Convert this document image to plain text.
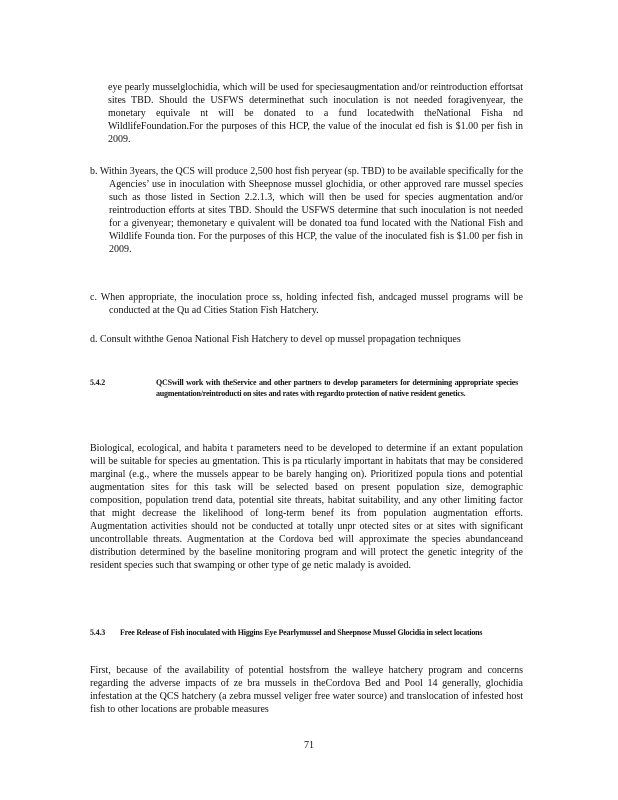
eye pearly musselglochidia, which will be used for speciesaugmentation and/or reintroduction effortsat sites TBD. Should the USFWS determinethat such inoculation is not needed foragivenyear, the monetary equivale nt will be donated to a fund locatedwith theNational Fisha nd WildlifeFoundation.For the purposes of this HCP, the value of the inoculat ed fish is $1.00 per fish in 2009.

b. Within 3years, the QCS will produce 2,500 host fish peryear (sp. TBD) to be available specifically for the Agencies’ use in inoculation with Sheepnose mussel glochidia, or other approved rare mussel species such as those listed in Section 2.2.1.3, which will then be used for species augmentation and/or reintroduction efforts at sites TBD. Should the USFWS determine that such inoculation is not needed for a givenyear; themonetary e quivalent will be donated toa fund located with the National Fish and Wildlife Founda tion. For the purposes of this HCP, the value of the inoculated fish is $1.00 per fish in 2009.

c. When appropriate, the inoculation proce ss, holding infected fish, andcaged mussel programs will be conducted at the Qu ad Cities Station Fish Hatchery.

d. Consult withthe Genoa National Fish Hatchery to devel op mussel propagation techniques

5.4.2	QCSwill work with theService and other partners to develop parameters for determining appropriate species augmentation/reintroducti on sites and rates with regardto protection of native resident genetics.

Biological, ecological, and habita t parameters need to be developed to determine if an extant population will be suitable for species au gmentation. This is pa rticularly important in habitats that may be considered marginal (e.g., where the mussels appear to be barely hanging on). Prioritized popula tions and potential augmentation sites for this task will be selected based on present population size, demographic composition, population trend data, potential site threats, habitat suitability, and any other limiting factor that might decrease the likelihood of long-term benef its from population augmentation efforts. Augmentation activities should not be conducted at totally unpr otected sites or at sites with significant uncontrollable threats. Augmentation at the Cordova bed will approximate the species abundanceand distribution determined by the baseline monitoring program and will protect the genetic integrity of the resident species such that swamping or other type of ge netic malady is avoided.

5.4.3 Free Release of Fish inoculated with Higgins Eye Pearlymussel and Sheepnose Mussel Glocidia in select locations

First, because of the availability of potential hostsfrom the walleye hatchery program and concerns regarding the adverse impacts of ze bra mussels in theCordova Bed and Pool 14 generally, glochidia infestation at the QCS hatchery (a zebra mussel veliger free water source) and translocation of infested host fish to other locations are probable measures

71
